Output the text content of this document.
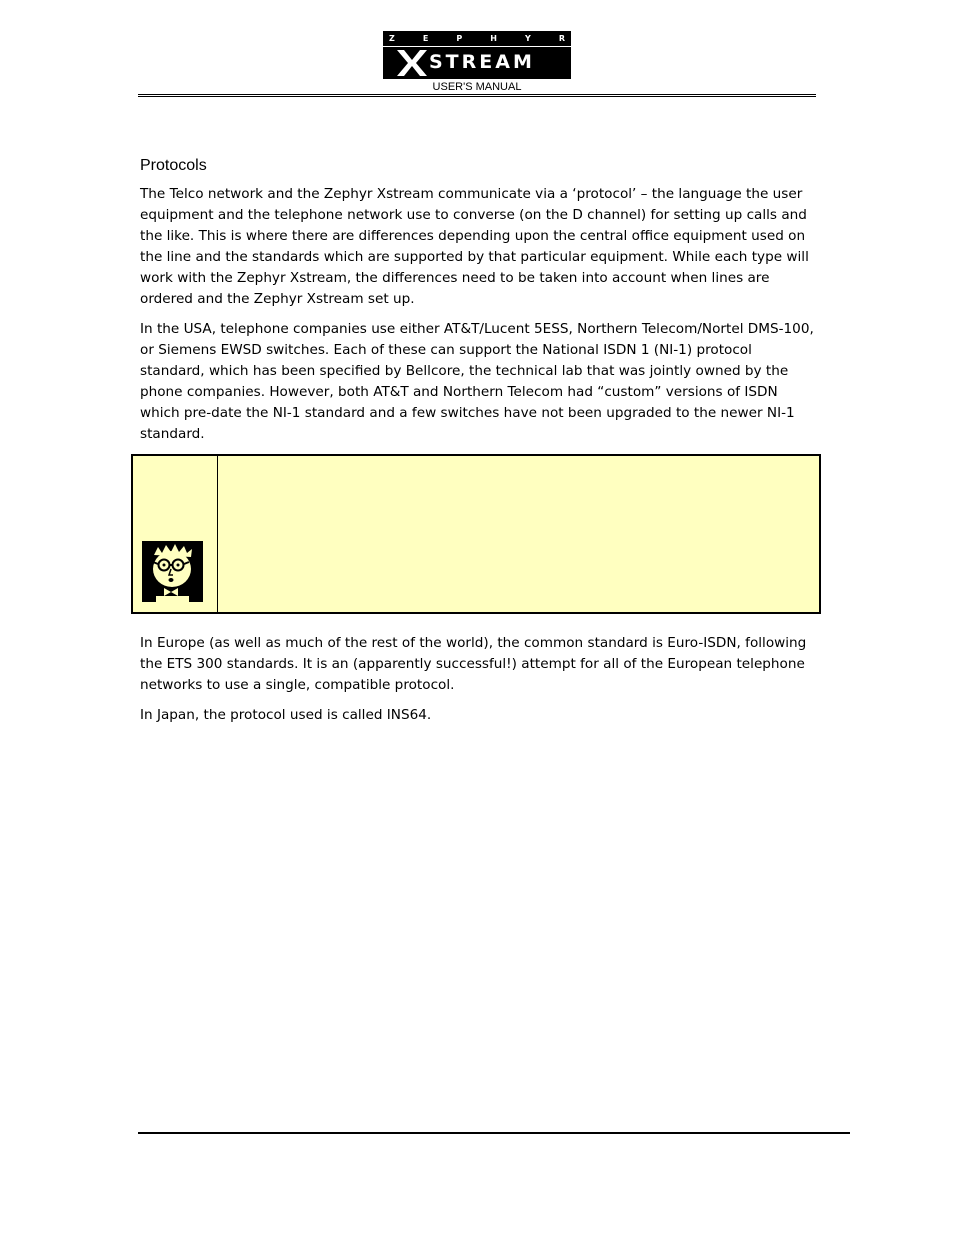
Z	E	P	H	Y	R
STREAM
USER'S MANUAL
Protocols

The Telco network and the Zephyr Xstream communicate via a ‘protocol’ – the language the user equipment and the telephone network use to converse (on the D channel) for setting up calls and the like. This is where there are differences depending upon the central office equipment used on the line and the standards which are supported by that particular equipment. While each type will work with the Zephyr Xstream, the differences need to be taken into account when lines are ordered and the Zephyr Xstream set up.

In the USA, telephone companies use either AT&T/Lucent 5ESS, Northern Telecom/Nortel DMS-100, or Siemens EWSD switches. Each of these can support the National ISDN 1 (NI-1) protocol standard, which has been specified by Bellcore, the technical lab that was jointly owned by the phone companies. However, both AT&T and Northern Telecom had “custom” versions of ISDN which pre-date the NI-1 standard and a few switches have not been upgraded to the newer NI-1 standard.

In Europe (as well as much of the rest of the world), the common standard is Euro-ISDN, following the ETS 300 standards. It is an (apparently successful!) attempt for all of the European telephone networks to use a single, compatible protocol.

In Japan, the protocol used is called INS64.
